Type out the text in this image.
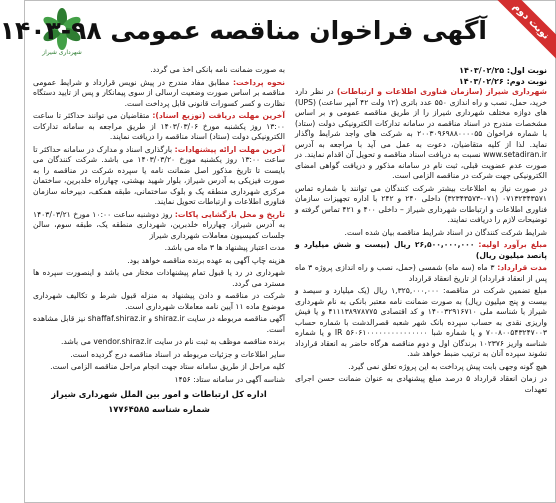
شهرداری شیراز
آگهی فراخوان مناقصه عمومی ۹۸-۱۴۰۳	نوبت دوم
نوبت اول: ۱۴۰۳/۰۲/۲۵
نوبت دوم: ۱۴۰۳/۰۲/۲۶

شهرداری شیراز (سازمان فناوری اطلاعات و ارتباطات) در نظر دارد خرید، حمل، نصب و راه اندازی ۵۵۰ عدد باتری (۱۲ ولت ۴۲ آمپر ساعت) (UPS) های دوازه مختلف شهرداری شیراز را از طریق مناقصه عمومی و بر اساس مشخصات مندرج در اسناد مناقصه در سامانه تدارکات الکترونیکی دولت (ستاد) با شماره فراخوان ۲۰۰۳۰۹۶۹۸۸۰۰۰۰۵۵ به شرکت های واجد شرایط واگذار نماید. لذا از کلیه متقاضیان، دعوت به عمل می آید با مراجعه به آدرس www.setadiran.ir نسبت به دریافت اسناد مناقصه و تحویل آن اقدام نمایند. در صورت عدم عضویت قبلی، ثبت نام در سامانه مذکور و دریافت گواهی امضای الکترونیکی جهت شرکت در مناقصه الزامی است.

در صورت نیاز به اطلاعات بیشتر شرکت کنندگان می توانند با شماره تماس ۰۷۱۳۲۳۴۳۵۷۱ (۰۷۱-۳۲۳۴۳۵۷۳) داخلی ۲۴۰ و ۲۴۲ با اداره تجهیزات سازمان فناوری اطلاعات و ارتباطات شهرداری شیراز – داخلی ۴۰۰ و ۴۲۱ تماس گرفته و توضیحات لازم را دریافت نمایند.

شرایط شرکت کنندگان در اسناد شرایط مناقصه بیان شده است.

مبلغ برآورد اولیه: ۲۶,۵۰۰,۰۰۰,۰۰۰ ریال (بیست و شش میلیارد و پانصد میلیون ریال)

مدت قرارداد: ۳ ماه (سه ماه) شمسی (حمل، نصب و راه اندازی پروژه ۳ ماه پس از انعقاد قرارداد) از تاریخ انعقاد قرارداد

مبلغ تضمین شرکت در مناقصه: ۱,۳۲۵,۰۰۰,۰۰۰ ریال (یک میلیارد و سیصد و بیست و پنج میلیون ریال) به صورت ضمانت نامه معتبر بانکی به نام شهرداری شیراز با شناسه ملی ۱۴۰۰۳۲۹۱۶۷۱۰ و کد اقتصادی ۴۱۱۱۳۸۹۷۸۷۷۵ و یا فیش واریزی نقدی به حساب سپرده بانک شهر شعبه قصرالدشت با شماره حساب ۷۰۰۸۰۰۵۴۳۲۴۷۰۰۳ و یا شماره شبا IR ۵۶۰۶۱۰۰۰۰۰۰۰۰۰۰۰۰۰۰۰ و یا شماره شناسه واریز ۱۰۲۳۷۶ برندگان اول و دوم مناقصه هرگاه حاضر به انعقاد قرارداد نشوند سپرده آنان به ترتیب ضبط خواهد شد.

هیچ گونه وجهی بابت پیش پرداخت به این پروژه تعلق نمی گیرد.

در زمان انعقاد قرارداد ۵ درصد مبلغ پیشنهادی به عنوان ضمانت حسن اجرای تعهدات

به صورت ضمانت نامه بانکی اخذ می گردد.

نحوه پرداخت: مطابق مفاد مندرج در پیش نویس قرارداد و شرایط عمومی مناقصه بر اساس صورت وضعیت ارسالی از سوی پیمانکار و پس از تایید دستگاه نظارت و کسر کسورات قانونی قابل پرداخت است.

آخرین مهلت دریافت (توزیع اسناد): متقاضیان می توانند حداکثر تا ساعت ۱۳:۰۰ روز یکشنبه مورخ ۱۴۰۳/۰۳/۰۶ از طریق مراجعه به سامانه تدارکات الکترونیکی دولت (ستاد) اسناد مناقصه را دریافت نمایند.

آخرین مهلت ارائه پیشنهادات: بارگذاری اسناد و مدارک در سامانه حداکثر تا ساعت ۱۳:۰۰ روز یکشنبه مورخ ۱۴۰۳/۰۳/۲۰ می باشد. شرکت کنندگان می بایست تا تاریخ مذکور اصل ضمانت نامه یا سپرده شرکت در مناقصه را به صورت فیزیکی به آدرس شیراز، بلوار شهید بهشتی، چهارراه خلدبرین، ساختمان مرکزی شهرداری منطقه یک و بلوک ساختمانی، طبقه همکف، دبیرخانه سازمان فناوری اطلاعات و ارتباطات تحویل نمایند.

تاریخ و محل بازگشایی پاکات: روز دوشنبه ساعت ۱۰:۰۰ مورخ ۱۴۰۳/۰۳/۲۱ به آدرس شیراز، چهارراه خلدبرین، شهرداری منطقه یک، طبقه سوم، سالن جلسات کمیسیون معاملات شهرداری شیراز

مدت اعتبار پیشنهاد ها ۳ ماه می باشد.

هزینه چاپ آگهی به عهده برنده مناقصه خواهد بود.

شهرداری در رد یا قبول تمام پیشنهادات مختار می باشد و اینصورت سپرده ها مسترد می گردد.

شرکت در مناقصه و دادن پیشنهاد به منزله قبول شرط و تکالیف شهرداری موضوع ماده ۱۱ آیین نامه معاملات شهرداری است.

آگهی مناقصه مربوطه در سایت shiraz.ir و shaffaf.shiraz.ir نیز قابل مشاهده است.

برنده مناقصه موظف به ثبت نام در سایت vendor.shiraz.ir می باشد.

سایر اطلاعات و جزئیات مربوطه در اسناد مناقصه درج گردیده است.

کلیه مراحل از طریق سامانه ستاد جهت انجام مراحل مناقصه الزامی است.

شناسه آگهی در سامانه ستاد: ۱۴۵۶

اداره کل ارتباطات و امور بین الملل شهرداری شیراز
شماره شناسه ۱۷۷۶۴۵۸۵
